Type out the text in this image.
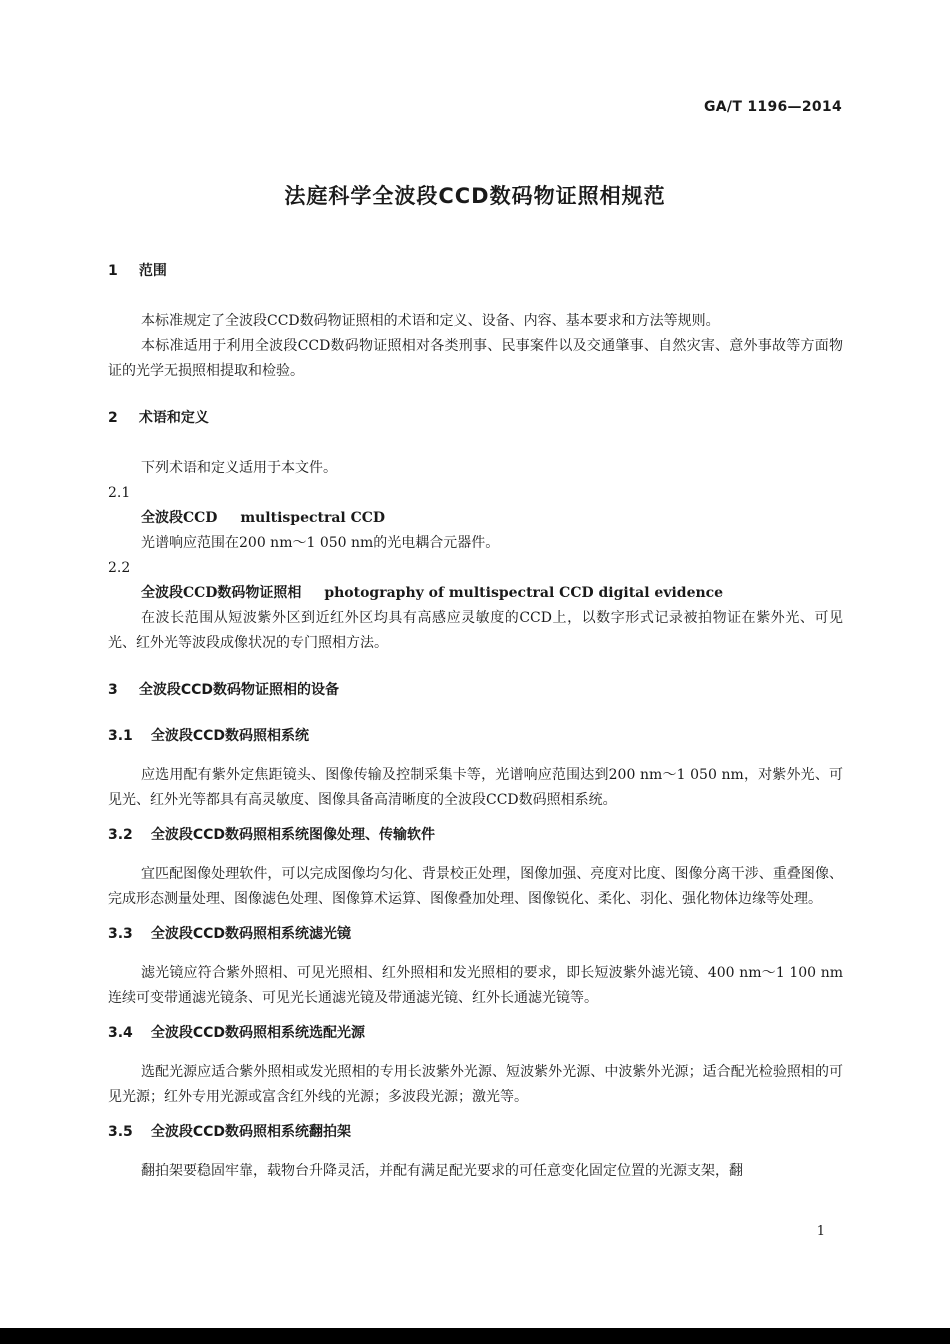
GA/T 1196—2014
法庭科学全波段CCD数码物证照相规范
1 范围

本标准规定了全波段CCD数码物证照相的术语和定义、设备、内容、基本要求和方法等规则。

本标准适用于利用全波段CCD数码物证照相对各类刑事、民事案件以及交通肇事、自然灾害、意外事故等方面物证的光学无损照相提取和检验。

2 术语和定义

下列术语和定义适用于本文件。

2.1
全波段CCD multispectral CCD

光谱响应范围在200 nm～1 050 nm的光电耦合元器件。

2.2
全波段CCD数码物证照相 photography of multispectral CCD digital evidence

在波长范围从短波紫外区到近红外区均具有高感应灵敏度的CCD上，以数字形式记录被拍物证在紫外光、可见光、红外光等波段成像状况的专门照相方法。

3 全波段CCD数码物证照相的设备
3.1 全波段CCD数码照相系统

应选用配有紫外定焦距镜头、图像传输及控制采集卡等，光谱响应范围达到200 nm～1 050 nm，对紫外光、可见光、红外光等都具有高灵敏度、图像具备高清晰度的全波段CCD数码照相系统。

3.2 全波段CCD数码照相系统图像处理、传输软件

宜匹配图像处理软件，可以完成图像均匀化、背景校正处理，图像加强、亮度对比度、图像分离干涉、重叠图像、完成形态测量处理、图像滤色处理、图像算术运算、图像叠加处理、图像锐化、柔化、羽化、强化物体边缘等处理。

3.3 全波段CCD数码照相系统滤光镜

滤光镜应符合紫外照相、可见光照相、红外照相和发光照相的要求，即长短波紫外滤光镜、400 nm～1 100 nm连续可变带通滤光镜条、可见光长通滤光镜及带通滤光镜、红外长通滤光镜等。

3.4 全波段CCD数码照相系统选配光源

选配光源应适合紫外照相或发光照相的专用长波紫外光源、短波紫外光源、中波紫外光源；适合配光检验照相的可见光源；红外专用光源或富含红外线的光源；多波段光源；激光等。

3.5 全波段CCD数码照相系统翻拍架

翻拍架要稳固牢靠，载物台升降灵活，并配有满足配光要求的可任意变化固定位置的光源支架，翻

1
